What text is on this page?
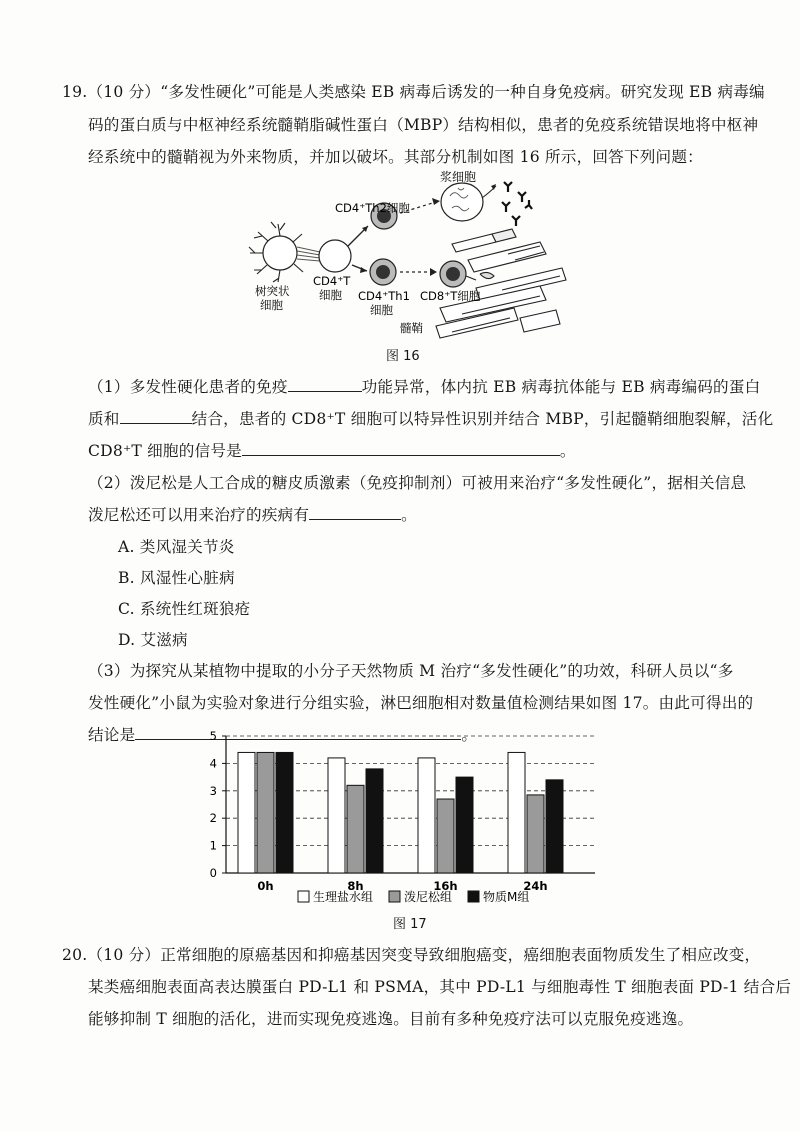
19.（10 分）“多发性硬化”可能是人类感染 EB 病毒后诱发的一种自身免疫病。研究发现 EB 病毒编
码的蛋白质与中枢神经系统髓鞘脂碱性蛋白（MBP）结构相似，患者的免疫系统错误地将中枢神
经系统中的髓鞘视为外来物质，并加以破坏。其部分机制如图 16 所示，回答下列问题：
浆细胞
CD4⁺Th2细胞
CD4⁺T
细胞
树突状
细胞
CD4⁺Th1
细胞
CD8⁺T细胞
髓鞘
图 16
（1）多发性硬化患者的免疫	功能异常，体内抗 EB 病毒抗体能与 EB 病毒编码的蛋白
质和	结合，患者的 CD8⁺T 细胞可以特异性识别并结合 MBP，引起髓鞘细胞裂解，活化
CD8⁺T 细胞的信号是	。
（2）泼尼松是人工合成的糖皮质激素（免疫抑制剂）可被用来治疗“多发性硬化”，据相关信息
泼尼松还可以用来治疗的疾病有	。
A. 类风湿关节炎
B. 风湿性心脏病
C. 系统性红斑狼疮
D. 艾滋病
（3）为探究从某植物中提取的小分子天然物质 M 治疗“多发性硬化”的功效，科研人员以“多
发性硬化”小鼠为实验对象进行分组实验，淋巴细胞相对数量值检测结果如图 17。由此可得出的
结论是	。
0
1
2
3
4
5
0h	8h	16h	24h
生理盐水组	泼尼松组	物质M组
图 17
20.（10 分）正常细胞的原癌基因和抑癌基因突变导致细胞癌变，癌细胞表面物质发生了相应改变，
某类癌细胞表面高表达膜蛋白 PD-L1 和 PSMA，其中 PD-L1 与细胞毒性 T 细胞表面 PD-1 结合后
能够抑制 T 细胞的活化，进而实现免疫逃逸。目前有多种免疫疗法可以克服免疫逃逸。
